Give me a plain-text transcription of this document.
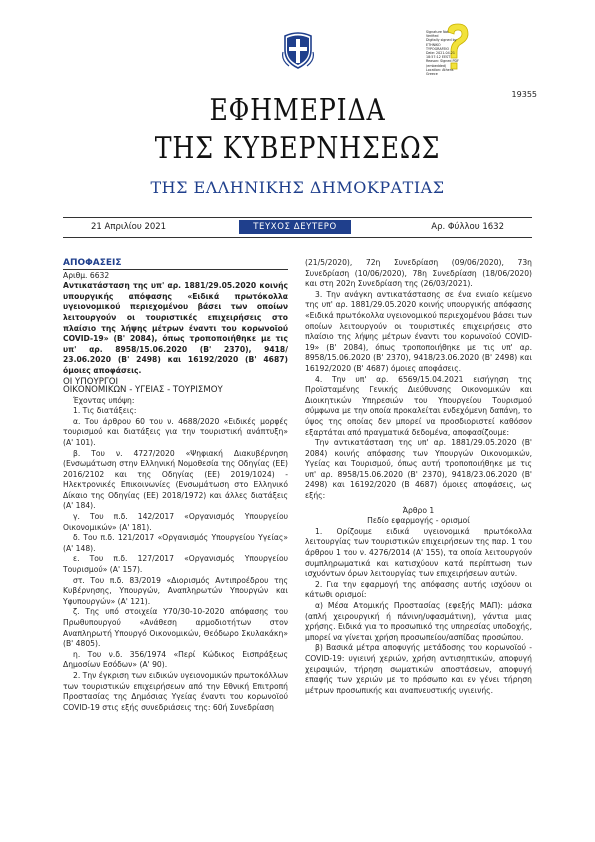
Signature Not
Verified
Digitally signed by
ETHNIKO
TYPOGRAFEIO
Date: 2021.04.21
18:57:12 EEST
Reason: Signed PDF
(embedded)
Location: Athens
Greece
19355
ΕΦΗΜΕΡΙΔΑ
ΤΗΣ ΚΥΒΕΡΝΗΣΕΩΣ
ΤΗΣ ΕΛΛΗΝΙΚΗΣ ΔΗΜΟΚΡΑΤΙΑΣ
21 Απριλίου 2021	ΤΕΥΧΟΣ ΔΕΥΤΕΡΟ	Αρ. Φύλλου 1632

ΑΠΟΦΑΣΕΙΣ

Αριθμ. 6632

Αντικατάσταση της υπ' αρ. 1881/29.05.2020 κοινής υπουργικής απόφασης «Ειδικά πρωτόκολλα υγειονομικού περιεχομένου βάσει των οποίων λειτουργούν οι τουριστικές επιχειρήσεις στο πλαίσιο της λήψης μέτρων έναντι του κορωνοϊού COVID-19» (Β' 2084), όπως τροποποιήθηκε με τις υπ' αρ. 8958/15.06.2020 (Β' 2370), 9418/ 23.06.2020 (Β' 2498) και 16192/2020 (Β' 4687) όμοιες αποφάσεις.

ΟΙ ΥΠΟΥΡΓΟΙ

ΟΙΚΟΝΟΜΙΚΩΝ - ΥΓΕΙΑΣ - ΤΟΥΡΙΣΜΟΥ

Έχοντας υπόψη:

1. Τις διατάξεις:

α. Του άρθρου 60 του ν. 4688/2020 «Ειδικές μορφές τουρισμού και διατάξεις για την τουριστική ανάπτυξη» (Α' 101).

β. Του ν. 4727/2020 «Ψηφιακή Διακυβέρνηση (Ενσωμάτωση στην Ελληνική Νομοθεσία της Οδηγίας (ΕΕ) 2016/2102 και της Οδηγίας (ΕΕ) 2019/1024) - Ηλεκτρονικές Επικοινωνίες (Ενσωμάτωση στο Ελληνικό Δίκαιο της Οδηγίας (ΕΕ) 2018/1972) και άλλες διατάξεις (Α' 184).

γ. Του π.δ. 142/2017 «Οργανισμός Υπουργείου Οικονομικών» (Α' 181).

δ. Του π.δ. 121/2017 «Οργανισμός Υπουργείου Υγείας» (Α' 148).

ε. Του π.δ. 127/2017 «Οργανισμός Υπουργείου Τουρισμού» (Α' 157).

στ. Του π.δ. 83/2019 «Διορισμός Αντιπροέδρου της Κυβέρνησης, Υπουργών, Αναπληρωτών Υπουργών και Υφυπουργών» (Α' 121).

ζ. Της υπό στοιχεία Υ70/30-10-2020 απόφασης του Πρωθυπουργού «Ανάθεση αρμοδιοτήτων στον Αναπληρωτή Υπουργό Οικονομικών, Θεόδωρο Σκυλακάκη» (Β' 4805).

η. Του ν.δ. 356/1974 «Περί Κώδικος Εισπράξεως Δημοσίων Εσόδων» (Α' 90).

2. Την έγκριση των ειδικών υγειονομικών πρωτοκόλλων των τουριστικών επιχειρήσεων από την Εθνική Επιτροπή Προστασίας της Δημόσιας Υγείας έναντι του κορωνοϊού COVID-19 στις εξής συνεδριάσεις της: 60ή Συνεδρίαση

(21/5/2020), 72η Συνεδρίαση (09/06/2020), 73η Συνεδρίαση (10/06/2020), 78η Συνεδρίαση (18/06/2020) και στη 202η Συνεδρίαση της (26/03/2021).

3. Την ανάγκη αντικατάστασης σε ένα ενιαίο κείμενο της υπ' αρ. 1881/29.05.2020 κοινής υπουργικής απόφασης «Ειδικά πρωτόκολλα υγειονομικού περιεχομένου βάσει των οποίων λειτουργούν οι τουριστικές επιχειρήσεις στο πλαίσιο της λήψης μέτρων έναντι του κορωνοϊού COVID-19» (Β' 2084), όπως τροποποιήθηκε με τις υπ' αρ. 8958/15.06.2020 (Β' 2370), 9418/23.06.2020 (Β' 2498) και 16192/2020 (Β' 4687) όμοιες αποφάσεις.

4. Την υπ' αρ. 6569/15.04.2021 εισήγηση της Προϊσταμένης Γενικής Διεύθυνσης Οικονομικών και Διοικητικών Υπηρεσιών του Υπουργείου Τουρισμού σύμφωνα με την οποία προκαλείται ενδεχόμενη δαπάνη, το ύψος της οποίας δεν μπορεί να προσδιοριστεί καθόσον εξαρτάται από πραγματικά δεδομένα, αποφασίζουμε:

Την αντικατάσταση της υπ' αρ. 1881/29.05.2020 (Β' 2084) κοινής απόφασης των Υπουργών Οικονομικών, Υγείας και Τουρισμού, όπως αυτή τροποποιήθηκε με τις υπ' αρ. 8958/15.06.2020 (Β' 2370), 9418/23.06.2020 (Β' 2498) και 16192/2020 (Β 4687) όμοιες αποφάσεις, ως εξής:

Άρθρο 1

Πεδίο εφαρμογής - ορισμοί

1. Ορίζουμε ειδικά υγειονομικά πρωτόκολλα λειτουργίας των τουριστικών επιχειρήσεων της παρ. 1 του άρθρου 1 του ν. 4276/2014 (Α' 155), τα οποία λειτουργούν συμπληρωματικά και κατισχύουν κατά περίπτωση των ισχυόντων όρων λειτουργίας των επιχειρήσεων αυτών.

2. Για την εφαρμογή της απόφασης αυτής ισχύουν οι κάτωθι ορισμοί:

α) Μέσα Ατομικής Προστασίας (εφεξής ΜΑΠ): μάσκα (απλή χειρουργική ή πάνινη/υφασμάτινη), γάντια μιας χρήσης. Ειδικά για το προσωπικό της υπηρεσίας υποδοχής, μπορεί να γίνεται χρήση προσωπείου/ασπίδας προσώπου.

β) Βασικά μέτρα αποφυγής μετάδοσης του κορωνοϊού - COVID-19: υγιεινή χεριών, χρήση αντισηπτικών, αποφυγή χειραψιών, τήρηση σωματικών αποστάσεων, αποφυγή επαφής των χεριών με το πρόσωπο και εν γένει τήρηση μέτρων προσωπικής και αναπνευστικής υγιεινής.
